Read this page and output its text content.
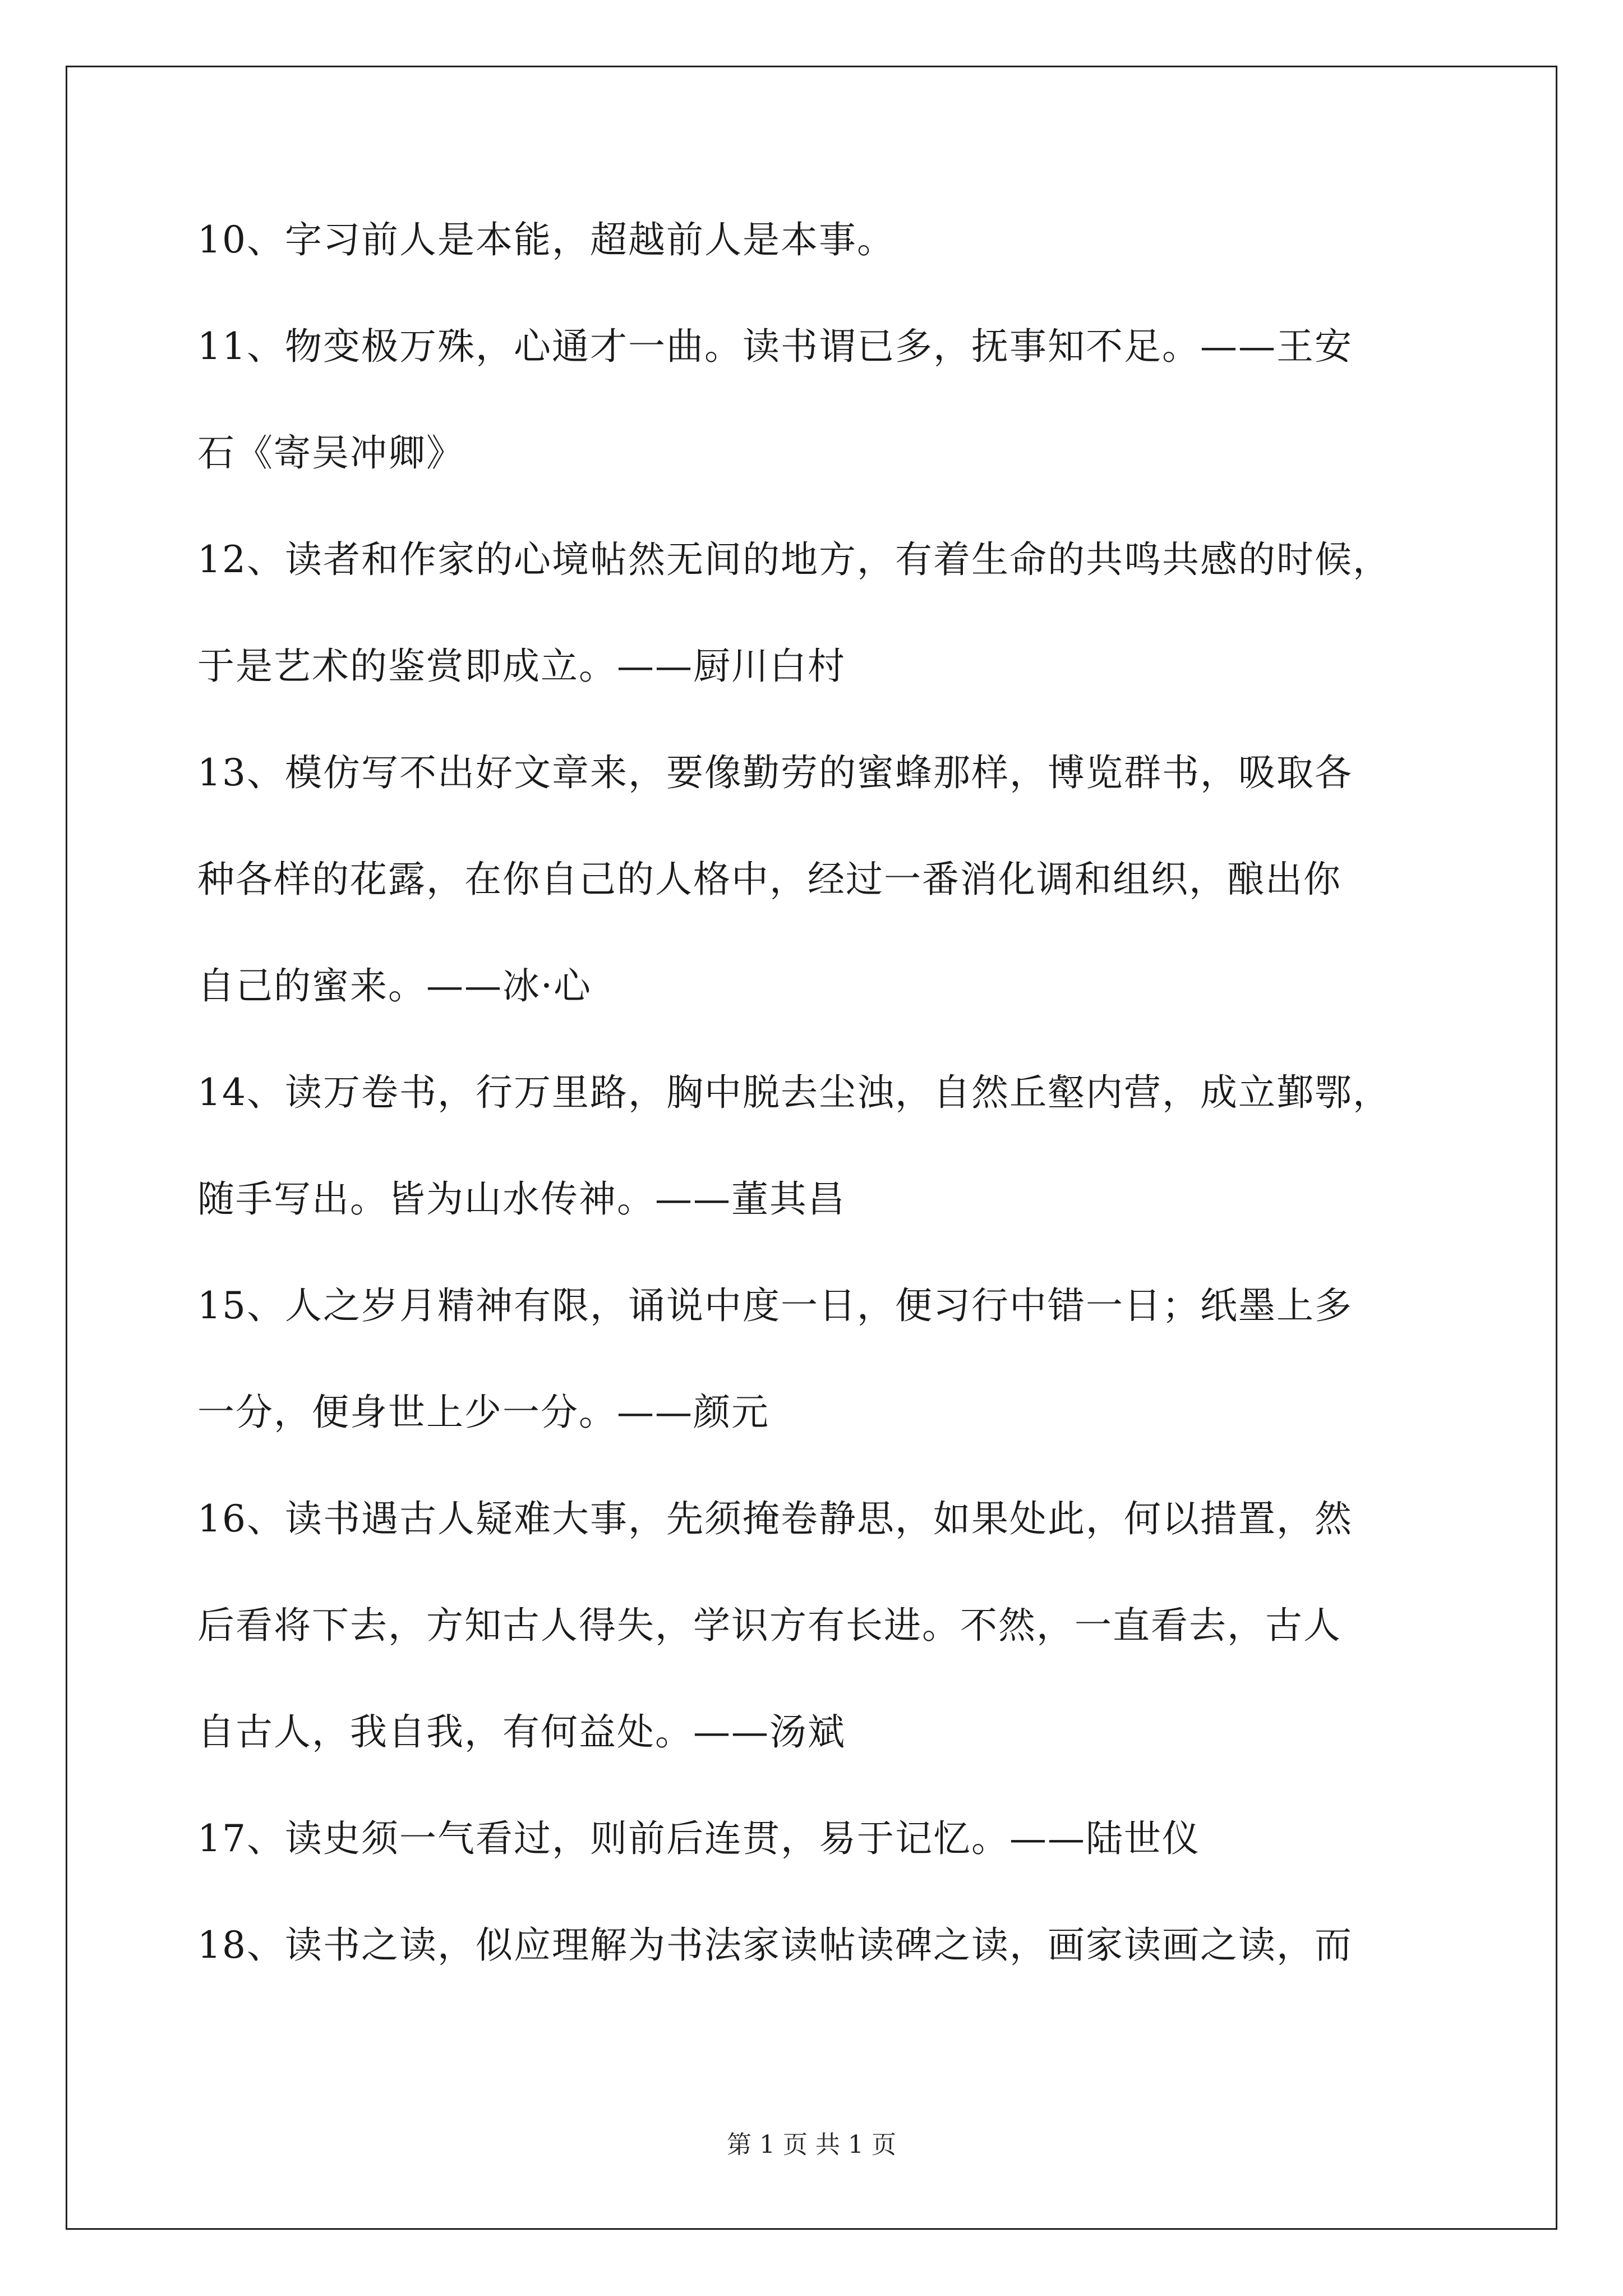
10、字习前人是本能，超越前人是本事。
11、物变极万殊，心通才一曲。读书谓已多，抚事知不足。——王安
石《寄吴冲卿》
12、读者和作家的心境帖然无间的地方，有着生命的共鸣共感的时候，
于是艺术的鉴赏即成立。——厨川白村
13、模仿写不出好文章来，要像勤劳的蜜蜂那样，博览群书，吸取各
种各样的花露，在你自己的人格中，经过一番消化调和组织，酿出你
自己的蜜来。——冰·心
14、读万卷书，行万里路，胸中脱去尘浊，自然丘壑内营，成立鄞鄂，
随手写出。皆为山水传神。——董其昌
15、人之岁月精神有限，诵说中度一日，便习行中错一日；纸墨上多
一分，便身世上少一分。——颜元
16、读书遇古人疑难大事，先须掩卷静思，如果处此，何以措置，然
后看将下去，方知古人得失，学识方有长进。不然，一直看去，古人
自古人，我自我，有何益处。——汤斌
17、读史须一气看过，则前后连贯，易于记忆。——陆世仪
18、读书之读，似应理解为书法家读帖读碑之读，画家读画之读，而
第 1 页 共 1 页
